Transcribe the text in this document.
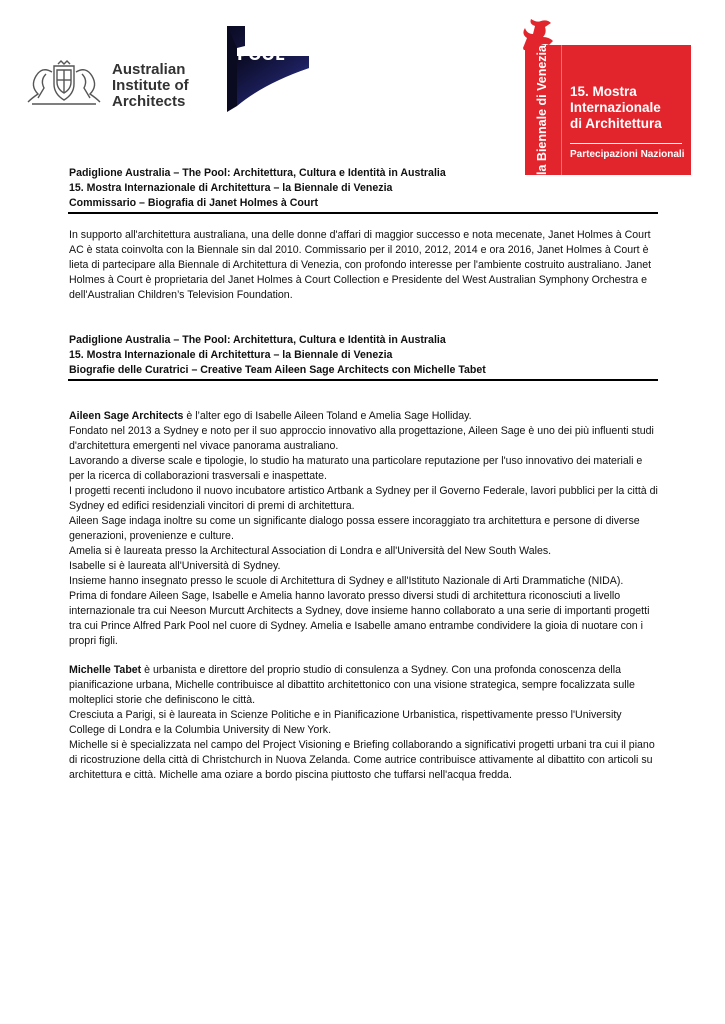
Australian
Institute of
Architects
POOL	la Biennale di Venezia 15. Mostra
Internazionale
di Architettura
Partecipazioni Nazionali
Padiglione Australia – The Pool: Architettura, Cultura e Identità in Australia
15. Mostra Internazionale di Architettura – la Biennale di Venezia
Commissario – Biografia di Janet Holmes à Court

In supporto all'architettura australiana, una delle donne d'affari di maggior successo e nota mecenate, Janet Holmes à Court AC è stata coinvolta con la Biennale sin dal 2010. Commissario per il 2010, 2012, 2014 e ora 2016, Janet Holmes à Court è lieta di partecipare alla Biennale di Architettura di Venezia, con profondo interesse per l'ambiente costruito australiano. Janet Holmes à Court è proprietaria del Janet Holmes à Court Collection e Presidente del West Australian Symphony Orchestra e dell'Australian Children’s Television Foundation.

Padiglione Australia – The Pool: Architettura, Cultura e Identità in Australia
15. Mostra Internazionale di Architettura – la Biennale di Venezia
Biografie delle Curatrici – Creative Team Aileen Sage Architects con Michelle Tabet

Aileen Sage Architects è l’alter ego di Isabelle Aileen Toland e Amelia Sage Holliday.

Fondato nel 2013 a Sydney e noto per il suo approccio innovativo alla progettazione, Aileen Sage è uno dei più influenti studi d'architettura emergenti nel vivace panorama australiano.

Lavorando a diverse scale e tipologie, lo studio ha maturato una particolare reputazione per l'uso innovativo dei materiali e per la ricerca di collaborazioni trasversali e inaspettate.

I progetti recenti includono il nuovo incubatore artistico Artbank a Sydney per il Governo Federale, lavori pubblici per la città di Sydney ed edifici residenziali vincitori di premi di architettura.

Aileen Sage indaga inoltre su come un significante dialogo possa essere incoraggiato tra architettura e persone di diverse generazioni, provenienze e culture.

Amelia si è laureata presso la Architectural Association di Londra e all'Università del New South Wales.

Isabelle si è laureata all'Università di Sydney.

Insieme hanno insegnato presso le scuole di Architettura di Sydney e all'Istituto Nazionale di Arti Drammatiche (NIDA).

Prima di fondare Aileen Sage, Isabelle e Amelia hanno lavorato presso diversi studi di architettura riconosciuti a livello internazionale tra cui Neeson Murcutt Architects a Sydney, dove insieme hanno collaborato a una serie di importanti progetti tra cui Prince Alfred Park Pool nel cuore di Sydney. Amelia e Isabelle amano entrambe condividere la gioia di nuotare con i propri figli.

Michelle Tabet è urbanista e direttore del proprio studio di consulenza a Sydney. Con una profonda conoscenza della pianificazione urbana, Michelle contribuisce al dibattito architettonico con una visione strategica, sempre focalizzata sulle molteplici storie che definiscono le città.

Cresciuta a Parigi, si è laureata in Scienze Politiche e in Pianificazione Urbanistica, rispettivamente presso l'University College di Londra e la Columbia University di New York.

Michelle si è specializzata nel campo del Project Visioning e Briefing collaborando a significativi progetti urbani tra cui il piano di ricostruzione della città di Christchurch in Nuova Zelanda. Come autrice contribuisce attivamente al dibattito con articoli su architettura e città. Michelle ama oziare a bordo piscina piuttosto che tuffarsi nell'acqua fredda.
